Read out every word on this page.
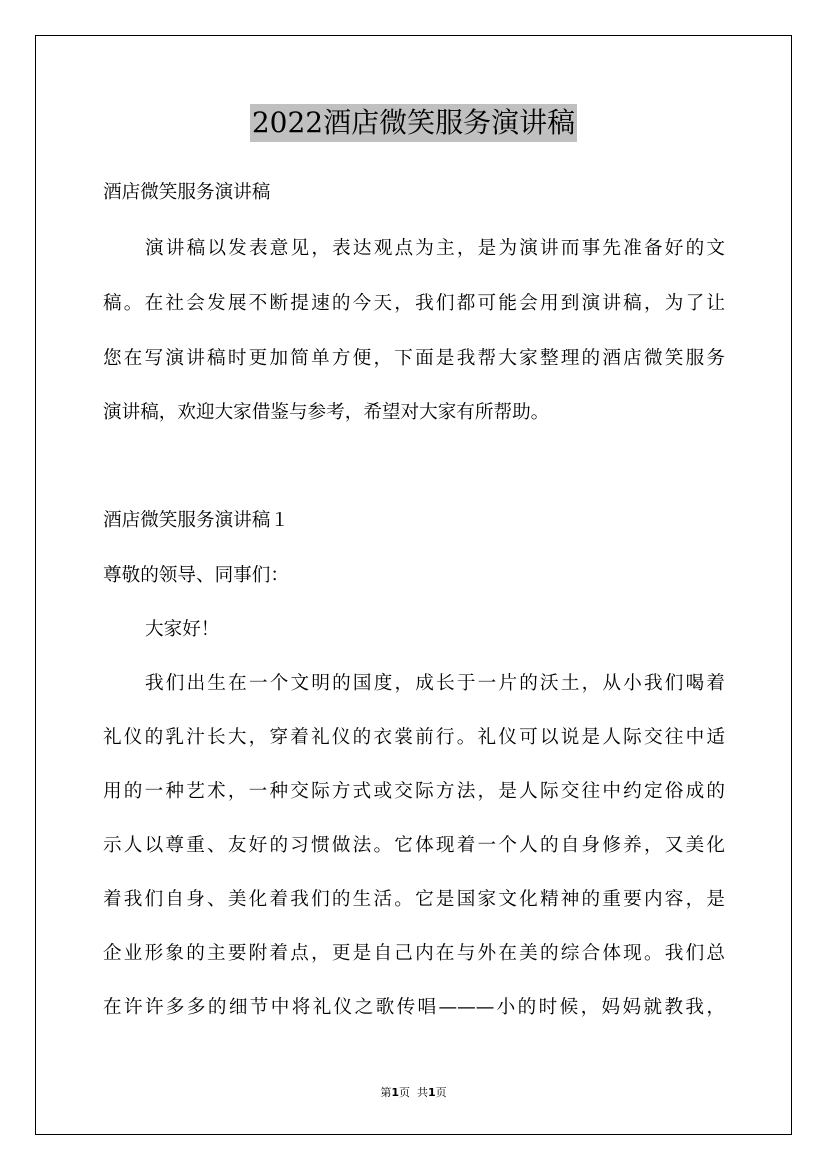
2022酒店微笑服务演讲稿

酒店微笑服务演讲稿

演讲稿以发表意见，表达观点为主，是为演讲而事先准备好的文

稿。在社会发展不断提速的今天，我们都可能会用到演讲稿，为了让

您在写演讲稿时更加简单方便，下面是我帮大家整理的酒店微笑服务

演讲稿，欢迎大家借鉴与参考，希望对大家有所帮助。

酒店微笑服务演讲稿１

尊敬的领导、同事们：

大家好！

我们出生在一个文明的国度，成长于一片的沃土，从小我们喝着

礼仪的乳汁长大，穿着礼仪的衣裳前行。礼仪可以说是人际交往中适

用的一种艺术，一种交际方式或交际方法，是人际交往中约定俗成的

示人以尊重、友好的习惯做法。它体现着一个人的自身修养，又美化

着我们自身、美化着我们的生活。它是国家文化精神的重要内容，是

企业形象的主要附着点，更是自己内在与外在美的综合体现。我们总

在许许多多的细节中将礼仪之歌传唱———小的时候，妈妈就教我，

第1页 共1页
